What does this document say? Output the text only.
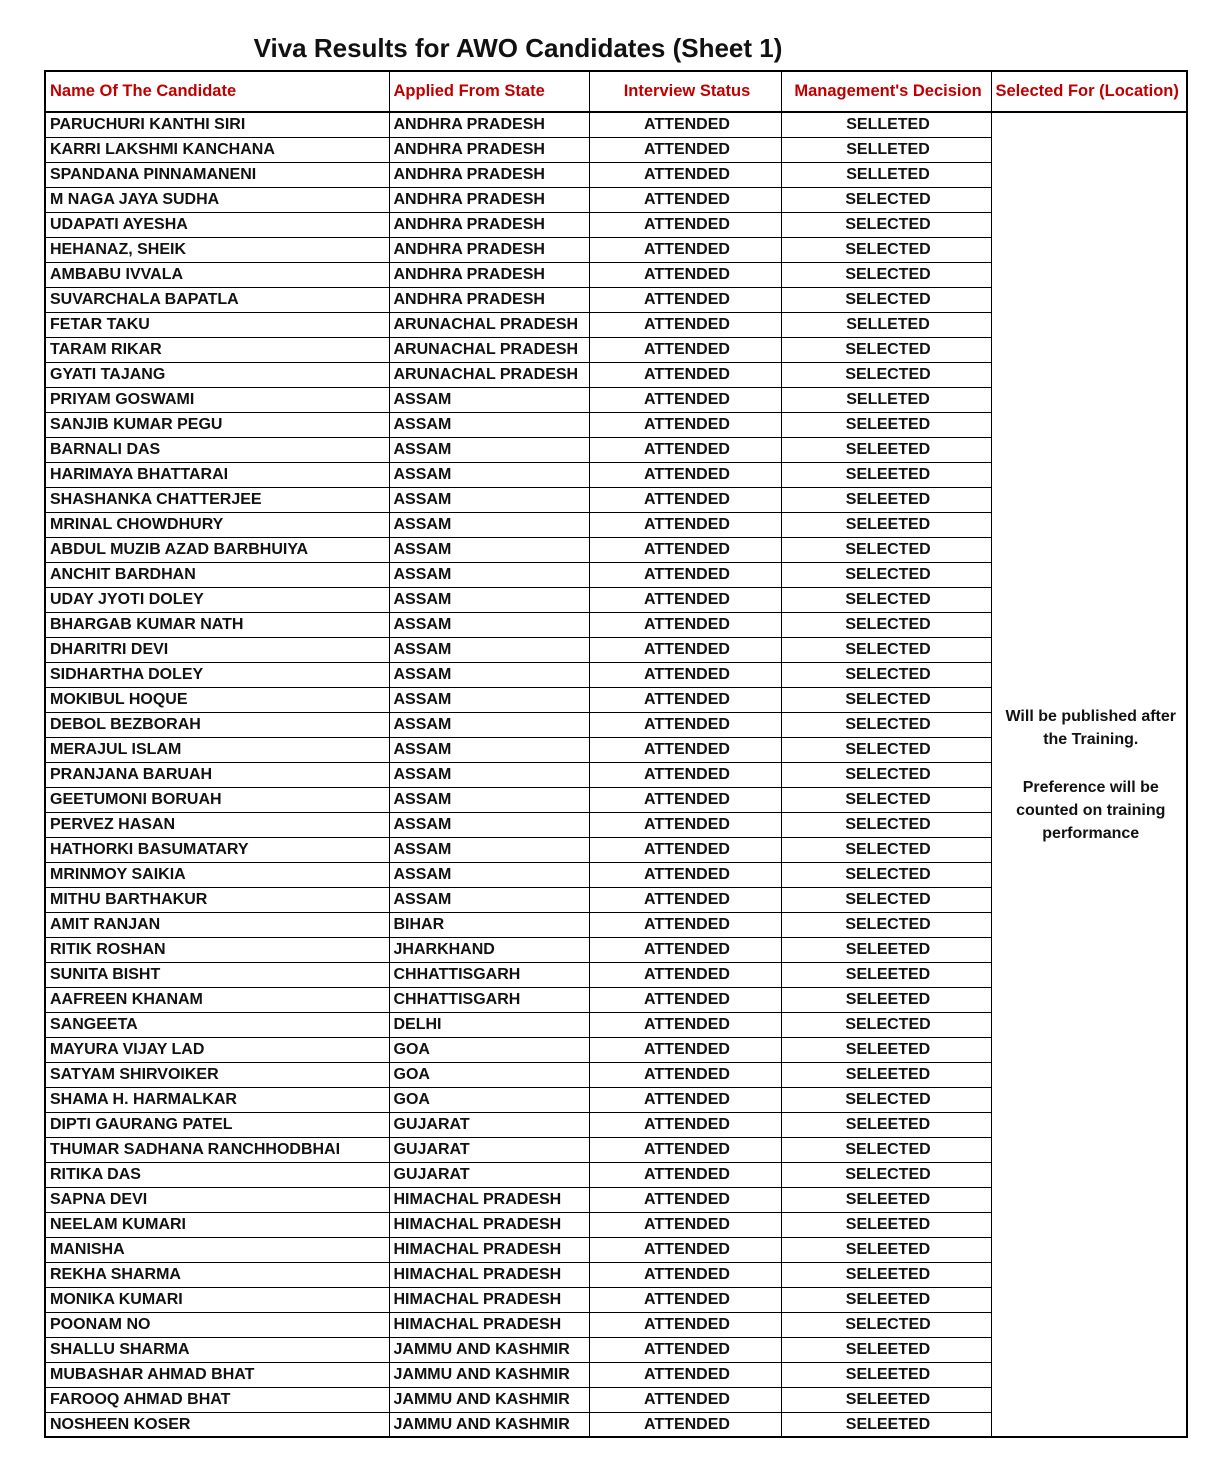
Viva Results for AWO Candidates (Sheet 1)
Name Of The Candidate	Applied From State	Interview Status	Management's Decision	Selected For (Location)
PARUCHURI KANTHI SIRI	ANDHRA PRADESH	ATTENDED	SELLETED	Will be published after
the Training.
Preference will be
counted on training
performance

KARRI LAKSHMI KANCHANA	ANDHRA PRADESH	ATTENDED	SELLETED	
SPANDANA PINNAMANENI	ANDHRA PRADESH	ATTENDED	SELLETED	
M NAGA JAYA SUDHA	ANDHRA PRADESH	ATTENDED	SELECTED	
UDAPATI AYESHA	ANDHRA PRADESH	ATTENDED	SELECTED	
HEHANAZ, SHEIK	ANDHRA PRADESH	ATTENDED	SELECTED	
AMBABU IVVALA	ANDHRA PRADESH	ATTENDED	SELECTED	
SUVARCHALA BAPATLA	ANDHRA PRADESH	ATTENDED	SELECTED	
FETAR TAKU	ARUNACHAL PRADESH	ATTENDED	SELLETED	
TARAM RIKAR	ARUNACHAL PRADESH	ATTENDED	SELECTED	
GYATI TAJANG	ARUNACHAL PRADESH	ATTENDED	SELECTED	
PRIYAM GOSWAMI	ASSAM	ATTENDED	SELLETED	
SANJIB KUMAR PEGU	ASSAM	ATTENDED	SELEETED	
BARNALI DAS	ASSAM	ATTENDED	SELEETED	
HARIMAYA BHATTARAI	ASSAM	ATTENDED	SELEETED	
SHASHANKA CHATTERJEE	ASSAM	ATTENDED	SELEETED	
MRINAL CHOWDHURY	ASSAM	ATTENDED	SELEETED	
ABDUL MUZIB AZAD BARBHUIYA	ASSAM	ATTENDED	SELECTED	
ANCHIT BARDHAN	ASSAM	ATTENDED	SELECTED	
UDAY JYOTI DOLEY	ASSAM	ATTENDED	SELECTED	
BHARGAB KUMAR NATH	ASSAM	ATTENDED	SELECTED	
DHARITRI DEVI	ASSAM	ATTENDED	SELECTED	
SIDHARTHA DOLEY	ASSAM	ATTENDED	SELECTED	
MOKIBUL HOQUE	ASSAM	ATTENDED	SELECTED	
DEBOL BEZBORAH	ASSAM	ATTENDED	SELECTED	
MERAJUL ISLAM	ASSAM	ATTENDED	SELECTED	
PRANJANA BARUAH	ASSAM	ATTENDED	SELECTED	
GEETUMONI BORUAH	ASSAM	ATTENDED	SELECTED	
PERVEZ HASAN	ASSAM	ATTENDED	SELECTED	
HATHORKI BASUMATARY	ASSAM	ATTENDED	SELECTED	
MRINMOY SAIKIA	ASSAM	ATTENDED	SELECTED	
MITHU BARTHAKUR	ASSAM	ATTENDED	SELECTED	
AMIT RANJAN	BIHAR	ATTENDED	SELECTED	
RITIK ROSHAN	JHARKHAND	ATTENDED	SELEETED	
SUNITA BISHT	CHHATTISGARH	ATTENDED	SELEETED	
AAFREEN KHANAM	CHHATTISGARH	ATTENDED	SELEETED	
SANGEETA	DELHI	ATTENDED	SELECTED	
MAYURA VIJAY LAD	GOA	ATTENDED	SELEETED	
SATYAM SHIRVOIKER	GOA	ATTENDED	SELEETED	
SHAMA H. HARMALKAR	GOA	ATTENDED	SELECTED	
DIPTI GAURANG PATEL	GUJARAT	ATTENDED	SELEETED	
THUMAR SADHANA RANCHHODBHAI	GUJARAT	ATTENDED	SELECTED	
RITIKA DAS	GUJARAT	ATTENDED	SELECTED	
SAPNA DEVI	HIMACHAL PRADESH	ATTENDED	SELEETED	
NEELAM KUMARI	HIMACHAL PRADESH	ATTENDED	SELEETED	
MANISHA	HIMACHAL PRADESH	ATTENDED	SELEETED	
REKHA SHARMA	HIMACHAL PRADESH	ATTENDED	SELEETED	
MONIKA KUMARI	HIMACHAL PRADESH	ATTENDED	SELEETED	
POONAM NO	HIMACHAL PRADESH	ATTENDED	SELECTED	
SHALLU SHARMA	JAMMU AND KASHMIR	ATTENDED	SELEETED	
MUBASHAR AHMAD BHAT	JAMMU AND KASHMIR	ATTENDED	SELEETED	
FAROOQ AHMAD BHAT	JAMMU AND KASHMIR	ATTENDED	SELEETED	
NOSHEEN KOSER	JAMMU AND KASHMIR	ATTENDED	SELEETED	
